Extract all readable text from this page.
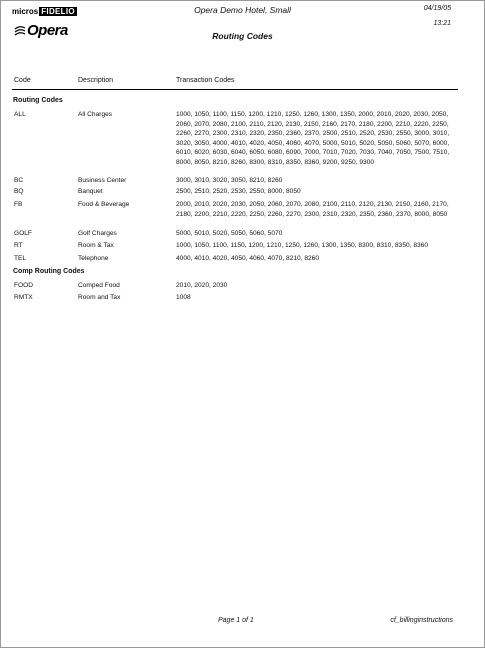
micros FIDELIO
Opera
Opera Demo Hotel, Small
Routing Codes
04/19/05
13:21
Code	Description	Transaction Codes
Routing Codes
ALL	All Charges	1000, 1050, 1100, 1150, 1200, 1210, 1250, 1260, 1300, 1350, 2000, 2010, 2020, 2030, 2050, 2060, 2070, 2080, 2100, 2110, 2120, 2130, 2150, 2160, 2170, 2180, 2200, 2210, 2220, 2250, 2260, 2270, 2300, 2310, 2320, 2350, 2360, 2370, 2500, 2510, 2520, 2530, 2550, 3000, 3010, 3020, 3050, 4000, 4010, 4020, 4050, 4060, 4070, 5000, 5010, 5020, 5050, 5060, 5070, 6000, 6010, 6020, 6030, 6040, 6050, 6080, 6090, 7000, 7010, 7020, 7030, 7040, 7050, 7500, 7510, 8000, 8050, 8210, 8260, 8300, 8310, 8350, 8360, 9200, 9250, 9300
BC	Business Center	3000, 3010, 3020, 3050, 8210, 8260
BQ	Banquet	2500, 2510, 2520, 2530, 2550, 8000, 8050
FB	Food & Beverage	2000, 2010, 2020, 2030, 2050, 2060, 2070, 2080, 2100, 2110, 2120, 2130, 2150, 2160, 2170, 2180, 2200, 2210, 2220, 2250, 2260, 2270, 2300, 2310, 2320, 2350, 2360, 2370, 8000, 8050
GOLF	Golf Charges	5000, 5010, 5020, 5050, 5060, 5070
RT	Room & Tax	1000, 1050, 1100, 1150, 1200, 1210, 1250, 1260, 1300, 1350, 8300, 8310, 8350, 8360
TEL	Telephone	4000, 4010, 4020, 4050, 4060, 4070, 8210, 8260
Comp Routing Codes
FOOD	Comped Food	2010, 2020, 2030
RMTX	Room and Tax	1008
Page 1 of 1	cf_billinginstructions
